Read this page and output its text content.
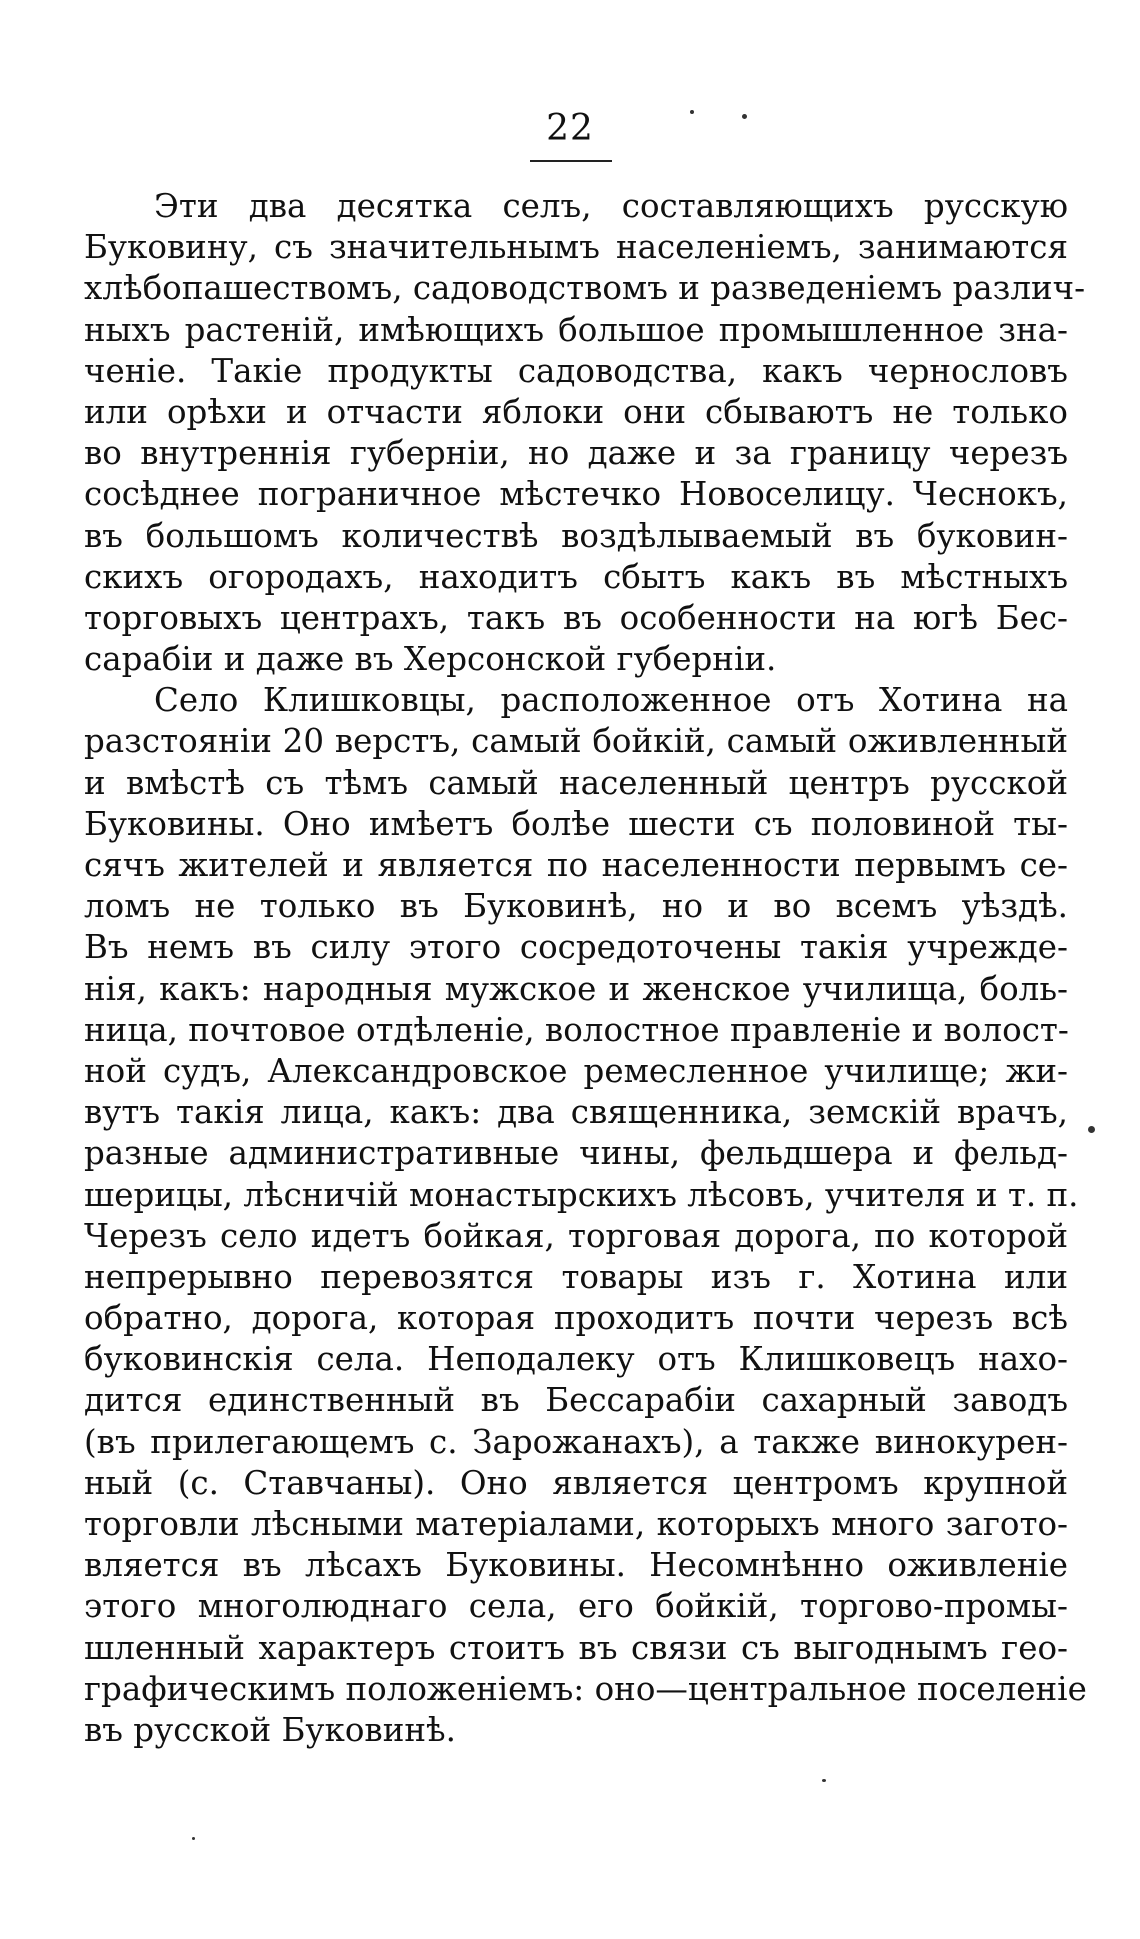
22
Эти два десятка селъ, составляющихъ русскую
Буковину, съ значительнымъ населенiемъ, занимаются
хлѣбопашествомъ, садоводствомъ и разведенiемъ различ-
ныхъ растенiй, имѣющихъ большое промышленное зна-
ченiе. Такiе продукты садоводства, какъ чернословъ
или орѣхи и отчасти яблоки они сбываютъ не только
во внутреннiя губернiи, но даже и за границу черезъ
сосѣднее пограничное мѣстечко Новоселицу. Чеснокъ,
въ большомъ количествѣ воздѣлываемый въ буковин-
скихъ огородахъ, находитъ сбытъ какъ въ мѣстныхъ
торговыхъ центрахъ, такъ въ особенности на югѣ Бес-
сарабiи и даже въ Херсонской губернiи.
Село Клишковцы, расположенное отъ Хотина на
разстоянiи 20 верстъ, самый бойкiй, самый оживленный
и вмѣстѣ съ тѣмъ самый населенный центръ русской
Буковины. Оно имѣетъ болѣе шести съ половиной ты-
сячъ жителей и является по населенности первымъ се-
ломъ не только въ Буковинѣ, но и во всемъ уѣздѣ.
Въ немъ въ силу этого сосредоточены такiя учрежде-
нiя, какъ: народныя мужское и женское училища, боль-
ница, почтовое отдѣленiе, волостное правленiе и волост-
ной судъ, Александровское ремесленное училище; жи-
вутъ такiя лица, какъ: два священника, земскiй врачъ,
разные административные чины, фельдшера и фельд-
шерицы, лѣсничiй монастырскихъ лѣсовъ, учителя и т. п.
Черезъ село идетъ бойкая, торговая дорога, по которой
непрерывно перевозятся товары изъ г. Хотина или
обратно, дорога, которая проходитъ почти черезъ всѣ
буковинскiя села. Неподалеку отъ Клишковецъ нахо-
дится единственный въ Бессарабiи сахарный заводъ
(въ прилегающемъ с. Зарожанахъ), а также винокурен-
ный (с. Ставчаны). Оно является центромъ крупной
торговли лѣсными матерiалами, которыхъ много загото-
вляется въ лѣсахъ Буковины. Несомнѣнно оживленiе
этого многолюднаго села, его бойкiй, торгово-промы-
шленный характеръ стоитъ въ связи съ выгоднымъ гео-
графическимъ положенiемъ: оно—центральное поселенiе
въ русской Буковинѣ.
